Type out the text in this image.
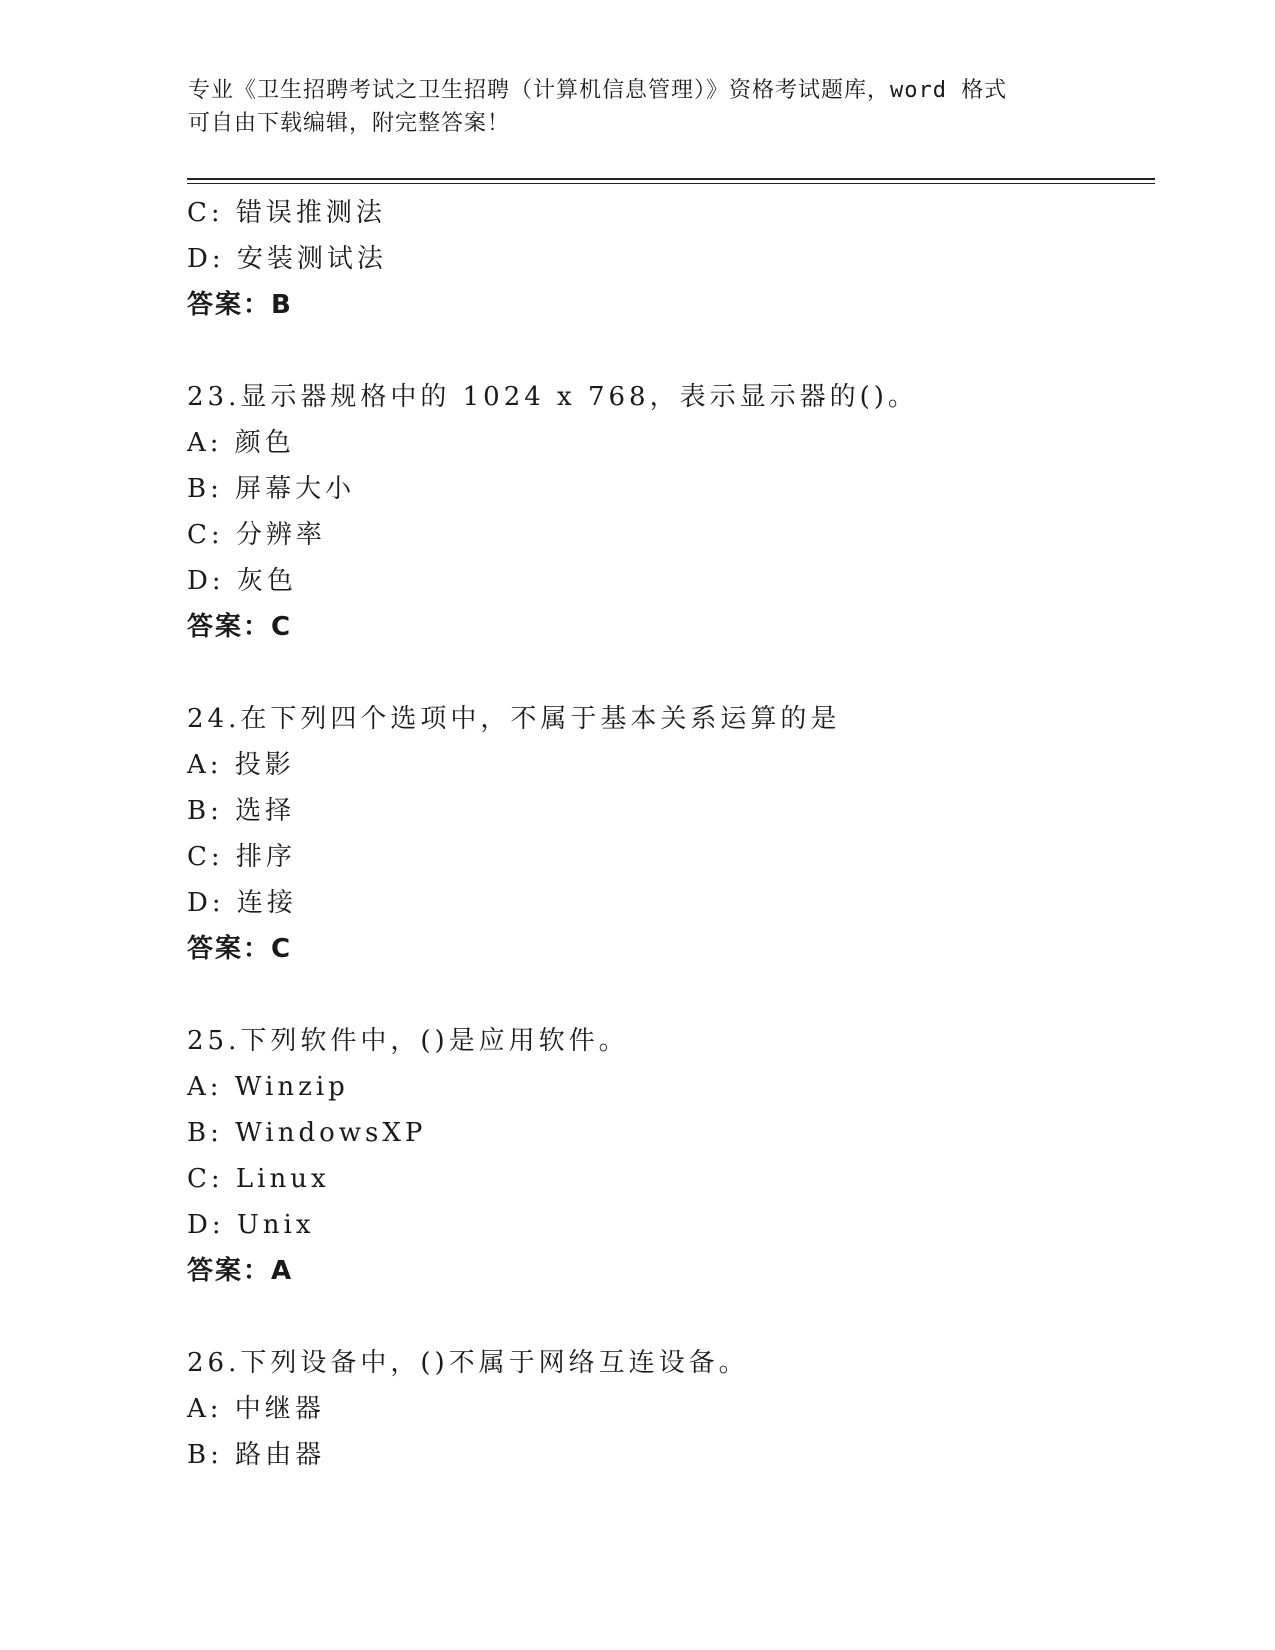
专业《卫生招聘考试之卫生招聘（计算机信息管理）》资格考试题库，word 格式
可自由下载编辑，附完整答案！
C: 错误推测法
D: 安装测试法
答案：B
23.显示器规格中的 1024 x 768，表示显示器的()。
A: 颜色
B: 屏幕大小
C: 分辨率
D: 灰色
答案：C
24.在下列四个选项中，不属于基本关系运算的是
A: 投影
B: 选择
C: 排序
D: 连接
答案：C
25.下列软件中，()是应用软件。
A: Winzip
B: WindowsXP
C: Linux
D: Unix
答案：A
26.下列设备中，()不属于网络互连设备。
A: 中继器
B: 路由器
